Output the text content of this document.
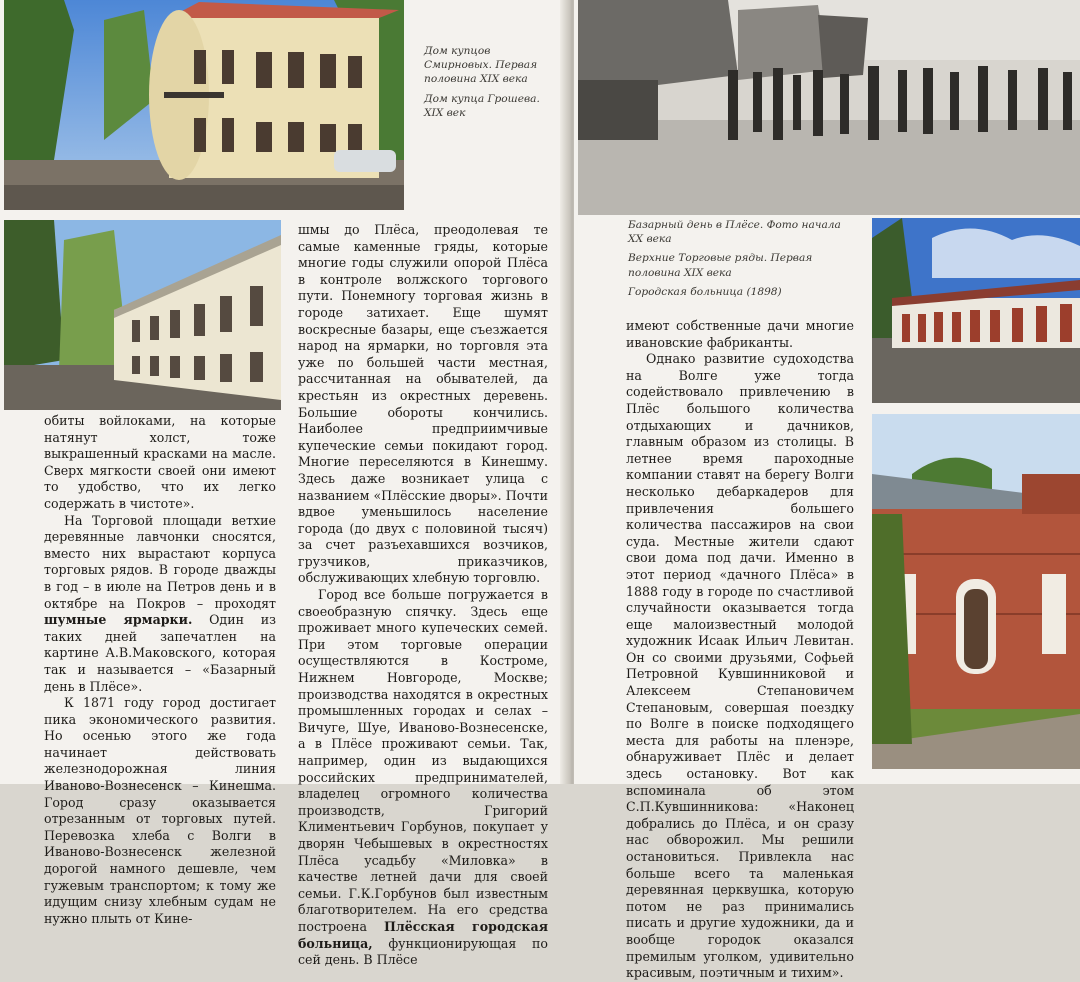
Дом купцов Смирновых. Первая половина XIX века
Дом купца Грошева. XIX век

обиты войлоками, на которые натянут холст, тоже выкрашенный красками на масле. Сверх мягкости своей они имеют то удобство, что их легко содержать в чистоте».

На Торговой площади ветхие деревянные лавчонки сносятся, вместо них вырастают корпуса торговых рядов. В городе дважды в год – в июле на Петров день и в октябре на Покров – проходят шумные ярмарки. Один из таких дней запечатлен на картине А.В.Маковского, которая так и называется – «Базарный день в Плёсе».

К 1871 году город достигает пика экономического развития. Но осенью этого же года начинает действовать железнодорожная линия Иваново-Вознесенск – Кинешма. Город сразу оказывается отрезанным от торговых путей. Перевозка хлеба с Волги в Иваново-Вознесенск железной дорогой намного дешевле, чем гужевым транспортом; к тому же идущим снизу хлебным судам не нужно плыть от Кине-

шмы до Плёса, преодолевая те самые каменные гряды, которые многие годы служили опорой Плёса в контроле волжского торгового пути. Понемногу торговая жизнь в городе затихает. Еще шумят воскресные базары, еще съезжается народ на ярмарки, но торговля эта уже по большей части местная, рассчитанная на обывателей, да крестьян из окрестных деревень. Большие обороты кончились. Наиболее предприимчивые купеческие семьи покидают город. Многие переселяются в Кинешму. Здесь даже возникает улица с названием «Плёсские дворы». Почти вдвое уменьшилось население города (до двух с половиной тысяч) за счет разъехавшихся возчиков, грузчиков, приказчиков, обслуживающих хлебную торговлю.

Город все больше погружается в своеобразную спячку. Здесь еще проживает много купеческих семей. При этом торговые операции осуществляются в Костроме, Нижнем Новгороде, Москве; производства находятся в окрестных промышленных городах и селах – Вичуге, Шуе, Иваново-Вознесенске, а в Плёсе проживают семьи. Так, например, один из выдающихся российских предпринимателей, владелец огромного количества производств, Григорий Климентьевич Горбунов, покупает у дворян Чебышевых в окрестностях Плёса усадьбу «Миловка» в качестве летней дачи для своей семьи. Г.К.Горбунов был известным благотворителем. На его средства построена Плёсская городская больница, функционирующая по сей день. В Плёсе

Базарный день в Плёсе. Фото начала XX века
Верхние Торговые ряды. Первая половина XIX века
Городская больница (1898)

имеют собственные дачи многие ивановские фабриканты.

Однако развитие судоходства на Волге уже тогда содействовало привлечению в Плёс большого количества отдыхающих и дачников, главным образом из столицы. В летнее время пароходные компании ставят на берегу Волги несколько дебаркадеров для привлечения большего количества пассажиров на свои суда. Местные жители сдают свои дома под дачи. Именно в этот период «дачного Плёса» в 1888 году в городе по счастливой случайности оказывается тогда еще малоизвестный молодой художник Исаак Ильич Левитан. Он со своими друзьями, Софьей Петровной Кувшинниковой и Алексеем Степановичем Степановым, совершая поездку по Волге в поиске подходящего места для работы на пленэре, обнаруживает Плёс и делает здесь остановку. Вот как вспоминала об этом С.П.Кувшинникова: «Наконец добрались до Плёса, и он сразу нас обворожил. Мы решили остановиться. Привлекла нас больше всего та маленькая деревянная церквушка, которую потом не раз принимались писать и другие художники, да и вообще городок оказался премилым уголком, удивительно красивым, поэтичным и тихим».
